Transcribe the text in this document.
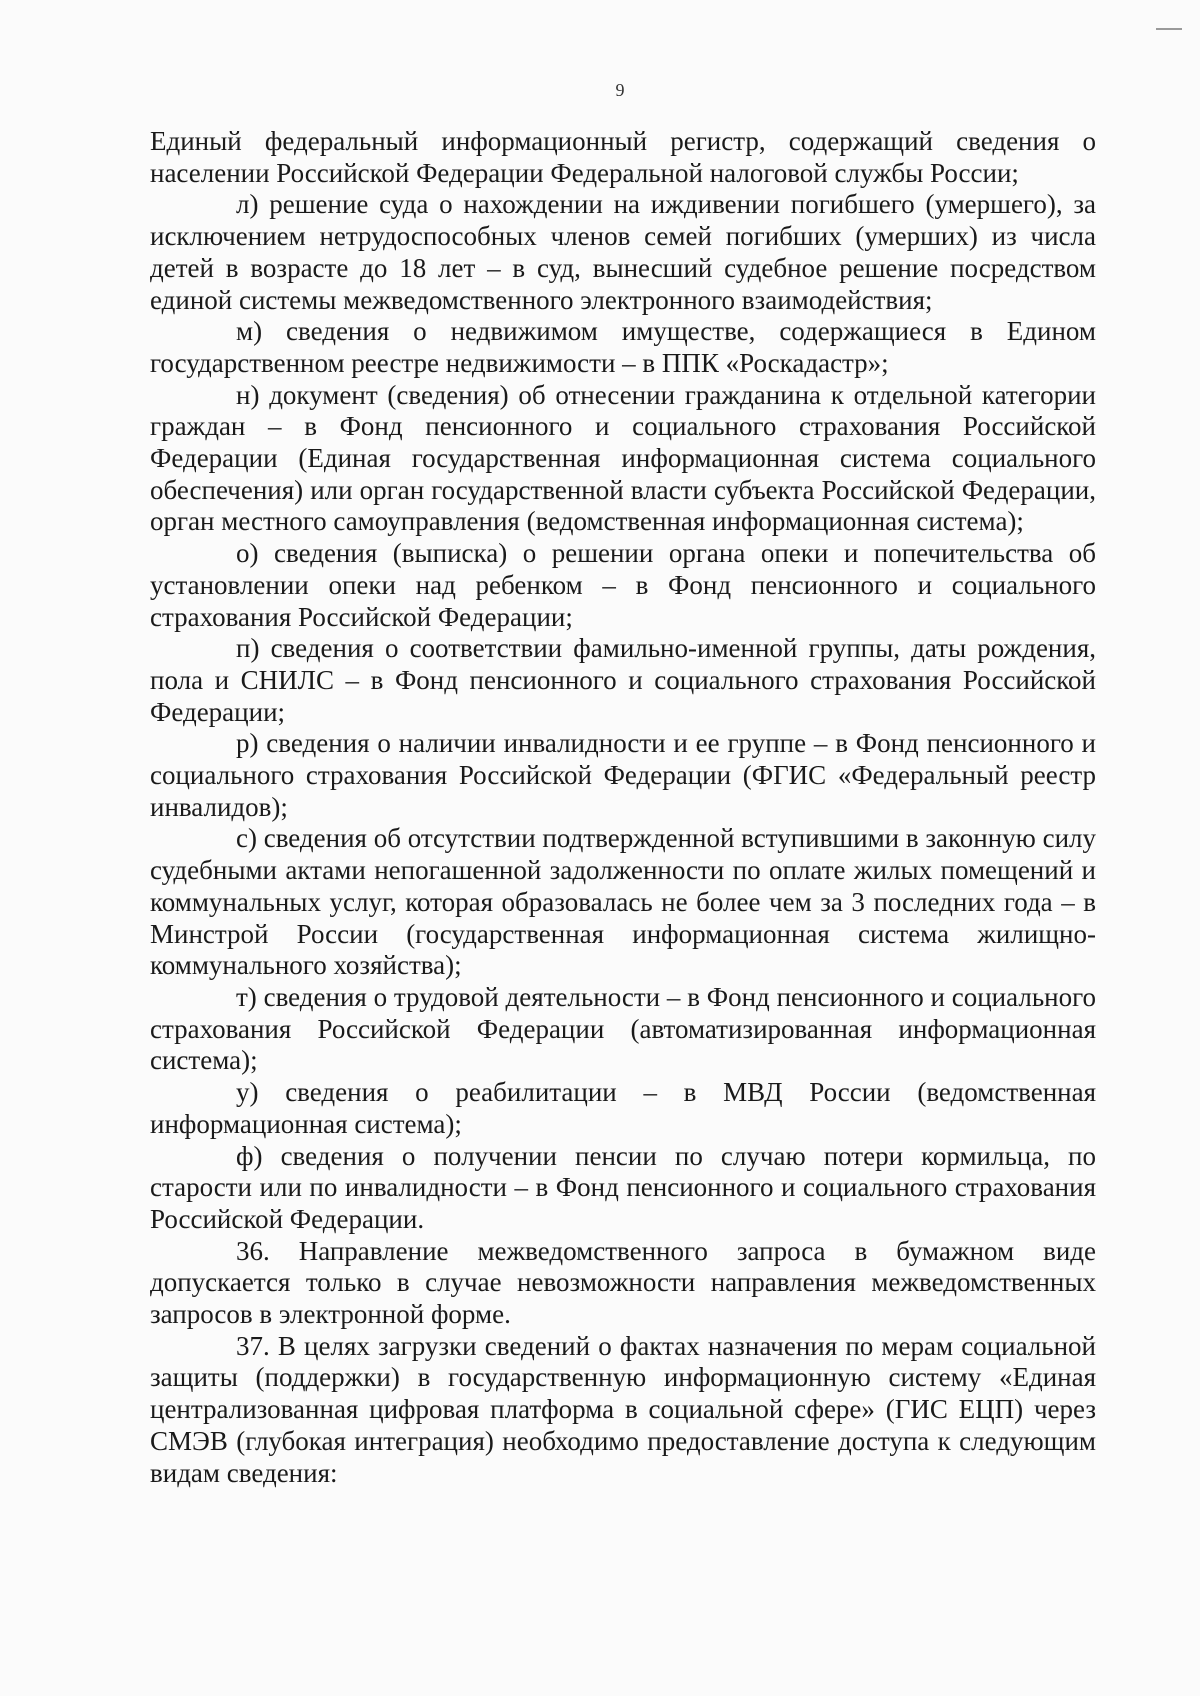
9

Единый федеральный информационный регистр, содержащий сведения о населении Российской Федерации Федеральной налоговой службы России;

л) решение суда о нахождении на иждивении погибшего (умершего), за исключением нетрудоспособных членов семей погибших (умерших) из числа детей в возрасте до 18 лет – в суд, вынесший судебное решение посредством единой системы межведомственного электронного взаимодействия;

м) сведения о недвижимом имуществе, содержащиеся в Едином государственном реестре недвижимости – в ППК «Роскадастр»;

н) документ (сведения) об отнесении гражданина к отдельной категории граждан – в Фонд пенсионного и социального страхования Российской Федерации (Единая государственная информационная система социального обеспечения) или орган государственной власти субъекта Российской Федерации, орган местного самоуправления (ведомственная информационная система);

о) сведения (выписка) о решении органа опеки и попечительства об установлении опеки над ребенком – в Фонд пенсионного и социального страхования Российской Федерации;

п) сведения о соответствии фамильно-именной группы, даты рождения, пола и СНИЛС – в Фонд пенсионного и социального страхования Российской Федерации;

р) сведения о наличии инвалидности и ее группе – в Фонд пенсионного и социального страхования Российской Федерации (ФГИС «Федеральный реестр инвалидов);

с) сведения об отсутствии подтвержденной вступившими в законную силу судебными актами непогашенной задолженности по оплате жилых помещений и коммунальных услуг, которая образовалась не более чем за 3 последних года – в Минстрой России (государственная информационная система жилищно-коммунального хозяйства);

т) сведения о трудовой деятельности – в Фонд пенсионного и социального страхования Российской Федерации (автоматизированная информационная система);

у) сведения о реабилитации – в МВД России (ведомственная информационная система);

ф) сведения о получении пенсии по случаю потери кормильца, по старости или по инвалидности – в Фонд пенсионного и социального страхования Российской Федерации.

36. Направление межведомственного запроса в бумажном виде допускается только в случае невозможности направления межведомственных запросов в электронной форме.

37. В целях загрузки сведений о фактах назначения по мерам социальной защиты (поддержки) в государственную информационную систему «Единая централизованная цифровая платформа в социальной сфере» (ГИС ЕЦП) через СМЭВ (глубокая интеграция) необходимо предоставление доступа к следующим видам сведения:
